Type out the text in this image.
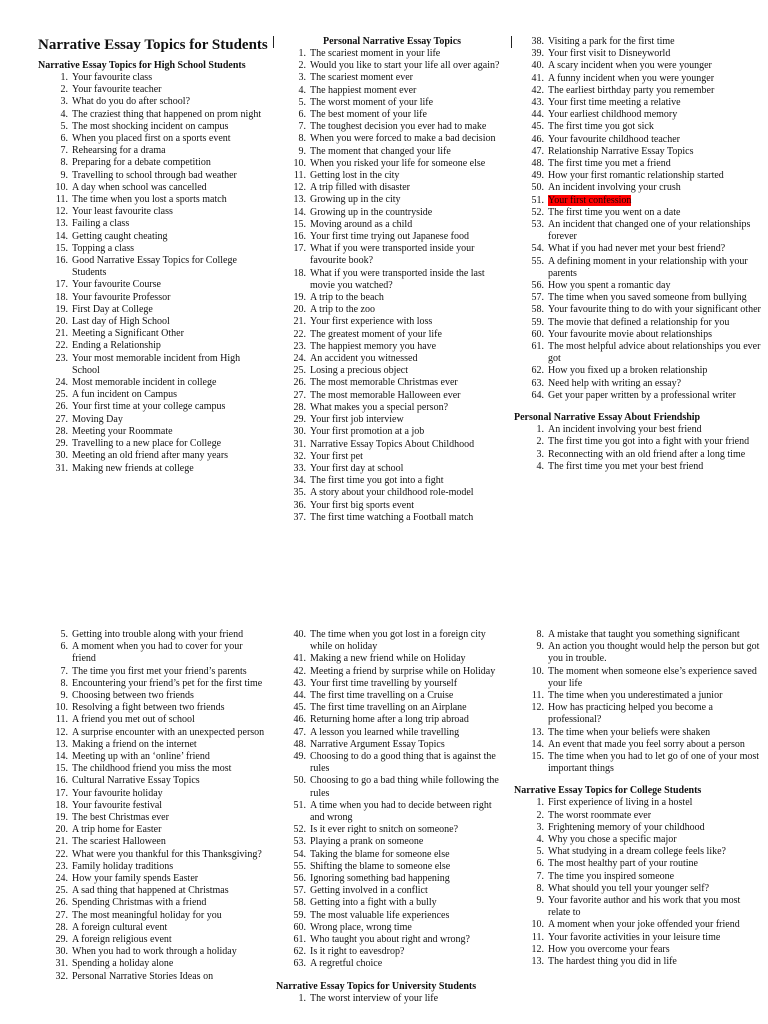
Narrative Essay Topics for Students
Narrative Essay Topics for High School Students
1. Your favourite class
2. Your favourite teacher
3. What do you do after school?
4. The craziest thing that happened on prom night
5. The most shocking incident on campus
6. When you placed first on a sports event
7. Rehearsing for a drama
8. Preparing for a debate competition
9. Travelling to school through bad weather
10. A day when school was cancelled
11. The time when you lost a sports match
12. Your least favourite class
13. Failing a class
14. Getting caught cheating
15. Topping a class
16. Good Narrative Essay Topics for College Students
17. Your favourite Course
18. Your favourite Professor
19. First Day at College
20. Last day of High School
21. Meeting a Significant Other
22. Ending a Relationship
23. Your most memorable incident from High School
24. Most memorable incident in college
25. A fun incident on Campus
26. Your first time at your college campus
27. Moving Day
28. Meeting your Roommate
29. Travelling to a new place for College
30. Meeting an old friend after many years
31. Making new friends at college
Personal Narrative Essay Topics
1. The scariest moment in your life
2. Would you like to start your life all over again?
3. The scariest moment ever
4. The happiest moment ever
5. The worst moment of your life
6. The best moment of your life
7. The toughest decision you ever had to make
8. When you were forced to make a bad decision
9. The moment that changed your life
10. When you risked your life for someone else
11. Getting lost in the city
12. A trip filled with disaster
13. Growing up in the city
14. Growing up in the countryside
15. Moving around as a child
16. Your first time trying out Japanese food
17. What if you were transported inside your favourite book?
18. What if you were transported inside the last movie you watched?
19. A trip to the beach
20. A trip to the zoo
21. Your first experience with loss
22. The greatest moment of your life
23. The happiest memory you have
24. An accident you witnessed
25. Losing a precious object
26. The most memorable Christmas ever
27. The most memorable Halloween ever
28. What makes you a special person?
29. Your first job interview
30. Your first promotion at a job
31. Narrative Essay Topics About Childhood
32. Your first pet
33. Your first day at school
34. The first time you got into a fight
35. A story about your childhood role-model
36. Your first big sports event
37. The first time watching a Football match
38. Visiting a park for the first time
39. Your first visit to Disneyworld
40. A scary incident when you were younger
41. A funny incident when you were younger
42. The earliest birthday party you remember
43. Your first time meeting a relative
44. Your earliest childhood memory
45. The first time you got sick
46. Your favourite childhood teacher
47. Relationship Narrative Essay Topics
48. The first time you met a friend
49. How your first romantic relationship started
50. An incident involving your crush
51. Your first confession
52. The first time you went on a date
53. An incident that changed one of your relationships forever
54. What if you had never met your best friend?
55. A defining moment in your relationship with your parents
56. How you spent a romantic day
57. The time when you saved someone from bullying
58. Your favourite thing to do with your significant other
59. The movie that defined a relationship for you
60. Your favourite movie about relationships
61. The most helpful advice about relationships you ever got
62. How you fixed up a broken relationship
63. Need help with writing an essay?
64. Get your paper written by a professional writer
Personal Narrative Essay About Friendship
1. An incident involving your best friend
2. The first time you got into a fight with your friend
3. Reconnecting with an old friend after a long time
4. The first time you met your best friend
5. Getting into trouble along with your friend
6. A moment when you had to cover for your friend
7. The time you first met your friend’s parents
8. Encountering your friend’s pet for the first time
9. Choosing between two friends
10. Resolving a fight between two friends
11. A friend you met out of school
12. A surprise encounter with an unexpected person
13. Making a friend on the internet
14. Meeting up with an ‘online’ friend
15. The childhood friend you miss the most
16. Cultural Narrative Essay Topics
17. Your favourite holiday
18. Your favourite festival
19. The best Christmas ever
20. A trip home for Easter
21. The scariest Halloween
22. What were you thankful for this Thanksgiving?
23. Family holiday traditions
24. How your family spends Easter
25. A sad thing that happened at Christmas
26. Spending Christmas with a friend
27. The most meaningful holiday for you
28. A foreign cultural event
29. A foreign religious event
30. When you had to work through a holiday
31. Spending a holiday alone
32. Personal Narrative Stories Ideas on
40. The time when you got lost in a foreign city while on holiday
41. Making a new friend while on Holiday
42. Meeting a friend by surprise while on Holiday
43. Your first time travelling by yourself
44. The first time travelling on a Cruise
45. The first time travelling on an Airplane
46. Returning home after a long trip abroad
47. A lesson you learned while travelling
48. Narrative Argument Essay Topics
49. Choosing to do a good thing that is against the rules
50. Choosing to go a bad thing while following the rules
51. A time when you had to decide between right and wrong
52. Is it ever right to snitch on someone?
53. Playing a prank on someone
54. Taking the blame for someone else
55. Shifting the blame to someone else
56. Ignoring something bad happening
57. Getting involved in a conflict
58. Getting into a fight with a bully
59. The most valuable life experiences
60. Wrong place, wrong time
61. Who taught you about right and wrong?
62. Is it right to eavesdrop?
63. A regretful choice
Narrative Essay Topics for University Students
1. The worst interview of your life
8. A mistake that taught you something significant
9. An action you thought would help the person but got you in trouble.
10. The moment when someone else’s experience saved your life
11. The time when you underestimated a junior
12. How has practicing helped you become a professional?
13. The time when your beliefs were shaken
14. An event that made you feel sorry about a person
15. The time when you had to let go of one of your most important things
Narrative Essay Topics for College Students
1. First experience of living in a hostel
2. The worst roommate ever
3. Frightening memory of your childhood
4. Why you chose a specific major
5. What studying in a dream college feels like?
6. The most healthy part of your routine
7. The time you inspired someone
8. What should you tell your younger self?
9. Your favorite author and his work that you most relate to
10. A moment when your joke offended your friend
11. Your favorite activities in your leisure time
12. How you overcome your fears
13. The hardest thing you did in life
